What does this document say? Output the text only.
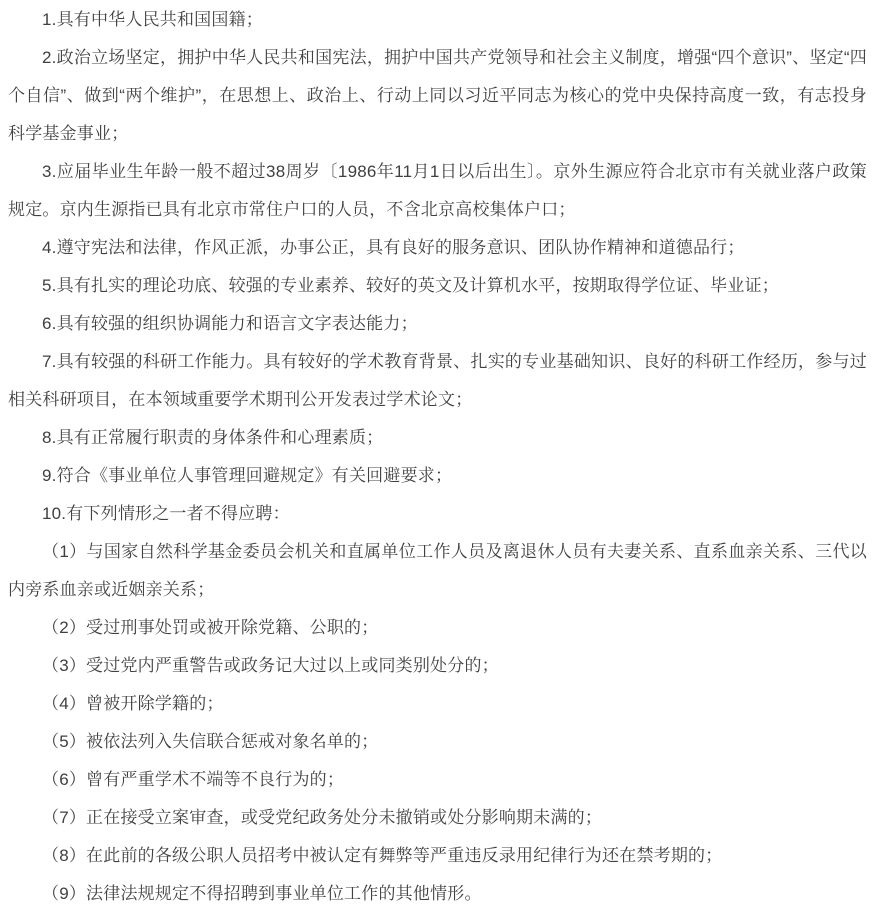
1.具有中华人民共和国国籍；

2.政治立场坚定，拥护中华人民共和国宪法，拥护中国共产党领导和社会主义制度，增强“四个意识”、坚定“四个自信”、做到“两个维护”，在思想上、政治上、行动上同以习近平同志为核心的党中央保持高度一致，有志投身科学基金事业；

3.应届毕业生年龄一般不超过38周岁〔1986年11月1日以后出生〕。京外生源应符合北京市有关就业落户政策规定。京内生源指已具有北京市常住户口的人员，不含北京高校集体户口；

4.遵守宪法和法律，作风正派，办事公正，具有良好的服务意识、团队协作精神和道德品行；

5.具有扎实的理论功底、较强的专业素养、较好的英文及计算机水平，按期取得学位证、毕业证；

6.具有较强的组织协调能力和语言文字表达能力；

7.具有较强的科研工作能力。具有较好的学术教育背景、扎实的专业基础知识、良好的科研工作经历，参与过相关科研项目，在本领域重要学术期刊公开发表过学术论文；

8.具有正常履行职责的身体条件和心理素质；

9.符合《事业单位人事管理回避规定》有关回避要求；

10.有下列情形之一者不得应聘：

（1）与国家自然科学基金委员会机关和直属单位工作人员及离退休人员有夫妻关系、直系血亲关系、三代以内旁系血亲或近姻亲关系；

（2）受过刑事处罚或被开除党籍、公职的；

（3）受过党内严重警告或政务记大过以上或同类别处分的；

（4）曾被开除学籍的；

（5）被依法列入失信联合惩戒对象名单的；

（6）曾有严重学术不端等不良行为的；

（7）正在接受立案审查，或受党纪政务处分未撤销或处分影响期未满的；

（8）在此前的各级公职人员招考中被认定有舞弊等严重违反录用纪律行为还在禁考期的；

（9）法律法规规定不得招聘到事业单位工作的其他情形。
